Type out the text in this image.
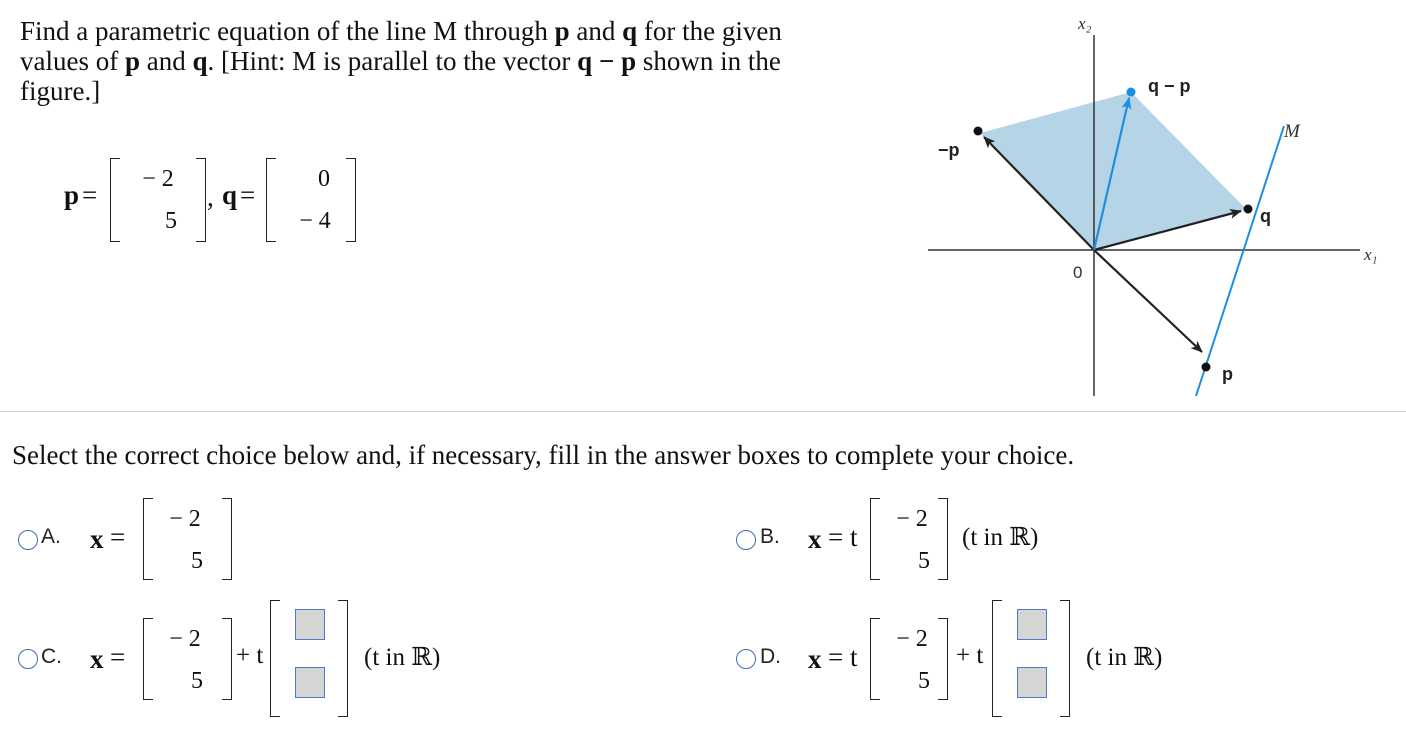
Find a parametric equation of the line M through p and q for the given
values of p and q. [Hint: M is parallel to the vector q − p shown in the
figure.]
p =
− 2
5
, q =
0
− 4
x₂
x₁
0
−p
q − p
q
p
M
Select the correct choice below and, if necessary, fill in the answer boxes to complete your choice.
A. x =
− 2
5
B. x = t
− 2
5
(t in ℝ)
C. x =
− 2
5
+ t	(t in ℝ)	D. x = t
− 2
5
+ t	(t in ℝ)
